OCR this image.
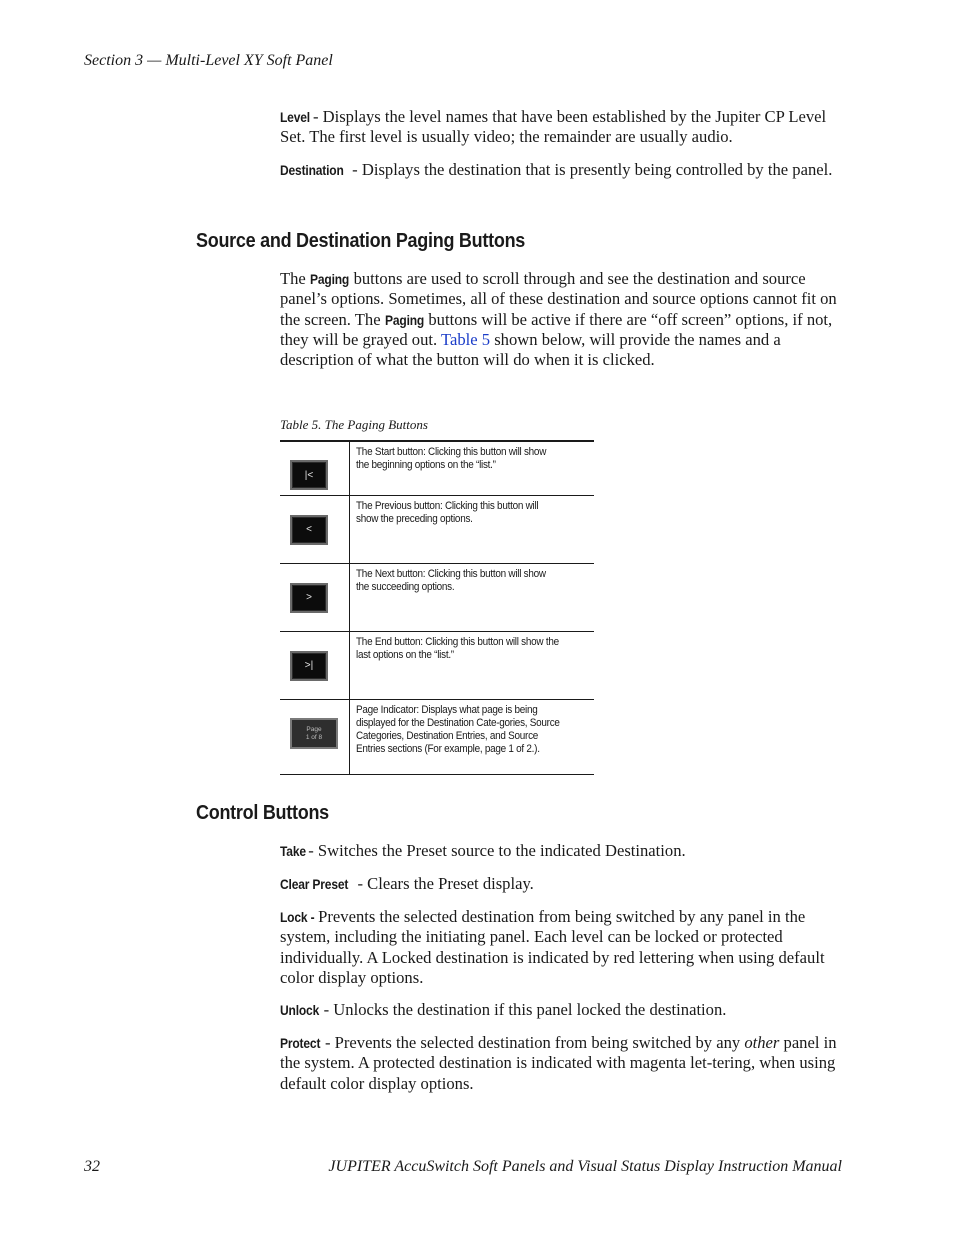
Section 3 — Multi-Level XY Soft Panel

Level - Displays the level names that have been established by the Jupiter CP Level Set. The first level is usually video; the remainder are usually audio.

Destination - Displays the destination that is presently being controlled by the panel.

Source and Destination Paging Buttons

The Paging buttons are used to scroll through and see the destination and source panel’s options. Sometimes, all of these destination and source options cannot fit on the screen. The Paging buttons will be active if there are “off screen” options, if not, they will be grayed out. Table 5 shown below, will provide the names and a description of what the button will do when it is clicked.

Table 5. The Paging Buttons
|<	The Start button: Clicking this button will show the beginning options on the “list.”

<	The Previous button: Clicking this button will show the preceding options.

>	The Next button: Clicking this button will show the succeeding options.

>|	The End button: Clicking this button will show the last options on the “list.”

Page
1 of 8	Page Indicator: Displays what page is being displayed for the Destination Cate-gories, Source Categories, Destination Entries, and Source Entries sections (For example, page 1 of 2.).
Control Buttons

Take - Switches the Preset source to the indicated Destination.

Clear Preset - Clears the Preset display.

Lock - Prevents the selected destination from being switched by any panel in the system, including the initiating panel. Each level can be locked or protected individually. A Locked destination is indicated by red lettering when using default color display options.

Unlock - Unlocks the destination if this panel locked the destination.

Protect - Prevents the selected destination from being switched by any other panel in the system. A protected destination is indicated with magenta let-tering, when using default color display options.

32	JUPITER AccuSwitch Soft Panels and Visual Status Display Instruction Manual
